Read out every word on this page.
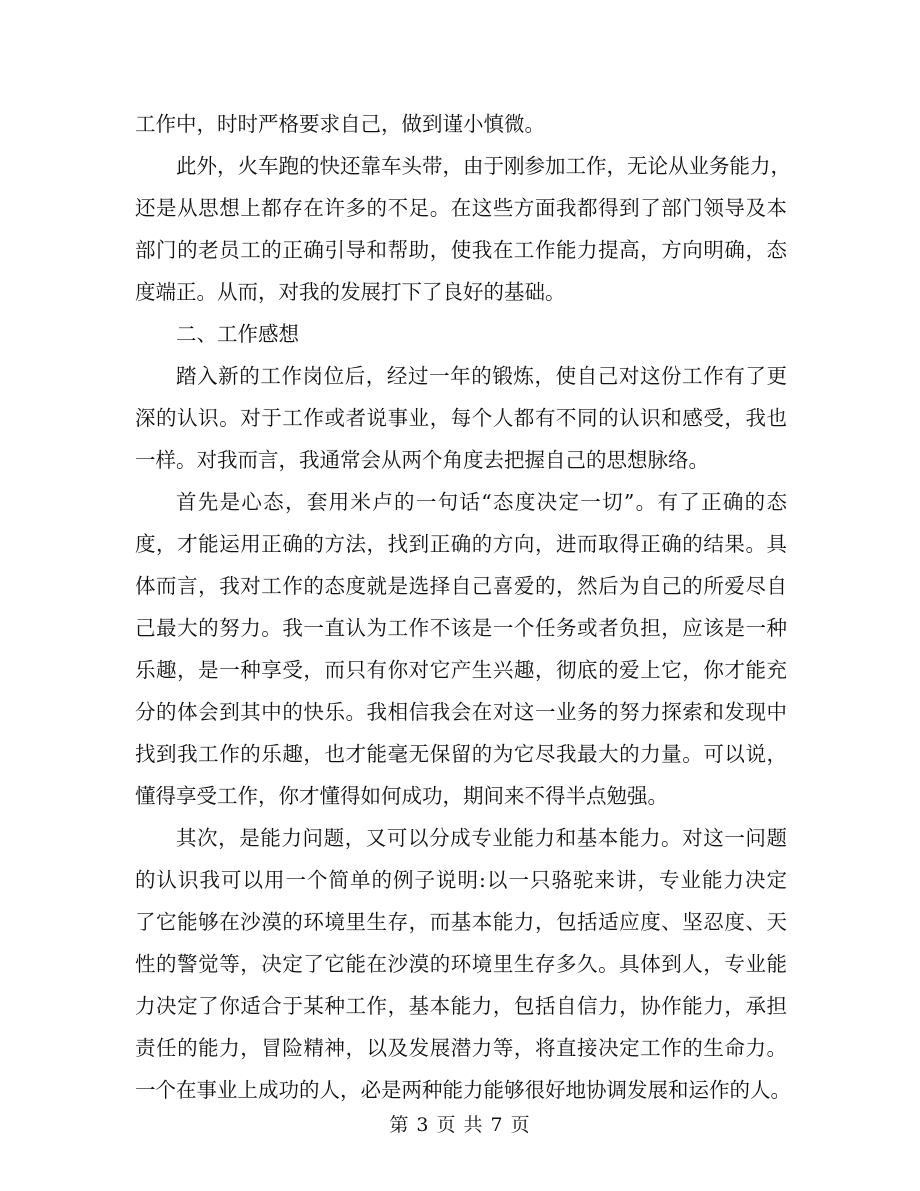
工作中，时时严格要求自己，做到谨小慎微。
此外，火车跑的快还靠车头带，由于刚参加工作，无论从业务能力，
还是从思想上都存在许多的不足。在这些方面我都得到了部门领导及本
部门的老员工的正确引导和帮助，使我在工作能力提高，方向明确，态
度端正。从而，对我的发展打下了良好的基础。
二、工作感想
踏入新的工作岗位后，经过一年的锻炼，使自己对这份工作有了更
深的认识。对于工作或者说事业，每个人都有不同的认识和感受，我也
一样。对我而言，我通常会从两个角度去把握自己的思想脉络。
首先是心态，套用米卢的一句话“态度决定一切”。有了正确的态
度，才能运用正确的方法，找到正确的方向，进而取得正确的结果。具
体而言，我对工作的态度就是选择自己喜爱的，然后为自己的所爱尽自
己最大的努力。我一直认为工作不该是一个任务或者负担，应该是一种
乐趣，是一种享受，而只有你对它产生兴趣，彻底的爱上它，你才能充
分的体会到其中的快乐。我相信我会在对这一业务的努力探索和发现中
找到我工作的乐趣，也才能毫无保留的为它尽我最大的力量。可以说，
懂得享受工作，你才懂得如何成功，期间来不得半点勉强。
其次，是能力问题，又可以分成专业能力和基本能力。对这一问题
的认识我可以用一个简单的例子说明:以一只骆驼来讲，专业能力决定
了它能够在沙漠的环境里生存，而基本能力，包括适应度、坚忍度、天
性的警觉等，决定了它能在沙漠的环境里生存多久。具体到人，专业能
力决定了你适合于某种工作，基本能力，包括自信力，协作能力，承担
责任的能力，冒险精神，以及发展潜力等，将直接决定工作的生命力。
一个在事业上成功的人，必是两种能力能够很好地协调发展和运作的人。
第 3 页 共 7 页
